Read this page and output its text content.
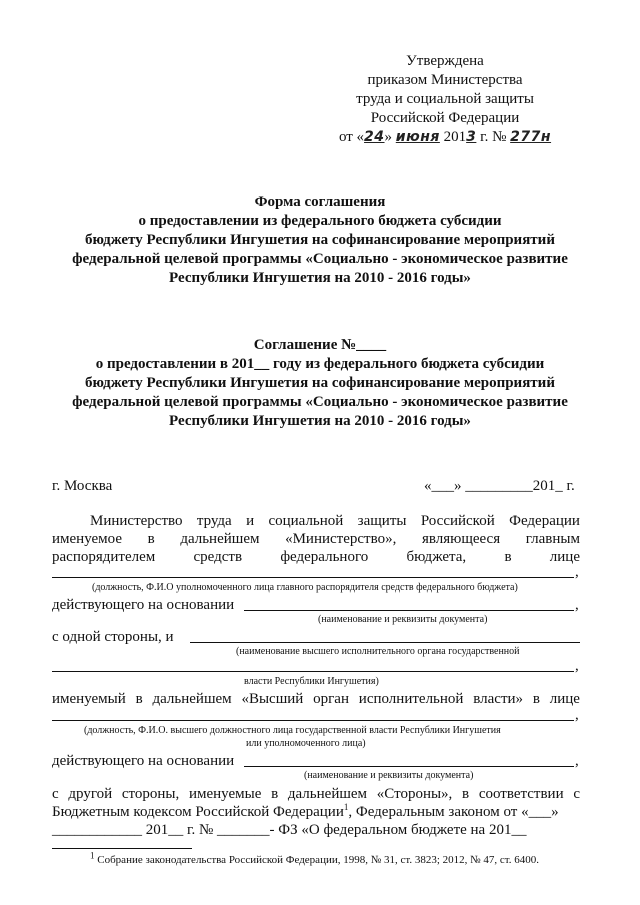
Утверждена
приказом Министерства
труда и социальной защиты
Российской Федерации
от «24» июня 2013 г. № 277н
Форма соглашения
о предоставлении из федерального бюджета субсидии
бюджету Республики Ингушетия на софинансирование мероприятий
федеральной целевой программы «Социально - экономическое развитие
Республики Ингушетия на 2010 - 2016 годы»
Соглашение №____
о предоставлении в 201__ году из федерального бюджета субсидии
бюджету Республики Ингушетия на софинансирование мероприятий
федеральной целевой программы «Социально - экономическое развитие
Республики Ингушетия на 2010 - 2016 годы»
г. Москва	«___» _________201_ г.
Министерство труда и социальной защиты Российской Федерации
именуемое в дальнейшем «Министерство», являющееся главным
распорядителем	средств	федерального	бюджета,	в	лице
,
(должность, Ф.И.О уполномоченного лица главного распорядителя средств федерального бюджета)
действующего на основании	,
(наименование и реквизиты документа)
с одной стороны, и
(наименование высшего исполнительного органа государственной
,
власти Республики Ингушетия)
именуемый в дальнейшем «Высший орган исполнительной власти» в лице
,
(должность, Ф.И.О. высшего должностного лица государственной власти Республики Ингушетия
или уполномоченного лица)
действующего на основании	,
(наименование и реквизиты документа)
с другой стороны, именуемые в дальнейшем «Стороны», в соответствии с
Бюджетным кодексом Российской Федерации$^1$, Федеральным законом от «___»
____________ 201__ г. № _______- ФЗ «О федеральном бюджете на 201__
$^1$ Собрание законодательства Российской Федерации, 1998, № 31, ст. 3823; 2012, № 47, ст. 6400.
